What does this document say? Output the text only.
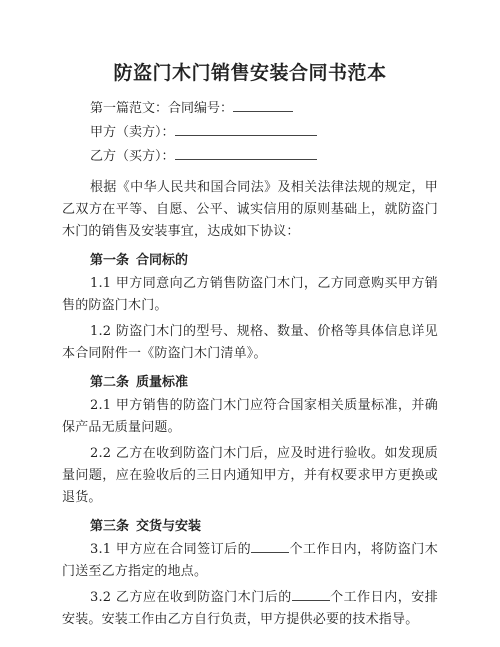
防盗门木门销售安装合同书范本

第一篇范文：合同编号：

甲方（卖方）：

乙方（买方）：

根据《中华人民共和国合同法》及相关法律法规的规定，甲乙双方在平等、自愿、公平、诚实信用的原则基础上，就防盗门木门的销售及安装事宜，达成如下协议：

第一条 合同标的

1.1 甲方同意向乙方销售防盗门木门，乙方同意购买甲方销售的防盗门木门。

1.2 防盗门木门的型号、规格、数量、价格等具体信息详见本合同附件一《防盗门木门清单》。

第二条 质量标准

2.1 甲方销售的防盗门木门应符合国家相关质量标准，并确保产品无质量问题。

2.2 乙方在收到防盗门木门后，应及时进行验收。如发现质量问题，应在验收后的三日内通知甲方，并有权要求甲方更换或退货。

第三条 交货与安装

3.1 甲方应在合同签订后的	个工作日内，将防盗门木门送至乙方指定的地点。

3.2 乙方应在收到防盗门木门后的	个工作日内，安排安装。安装工作由乙方自行负责，甲方提供必要的技术指导。
